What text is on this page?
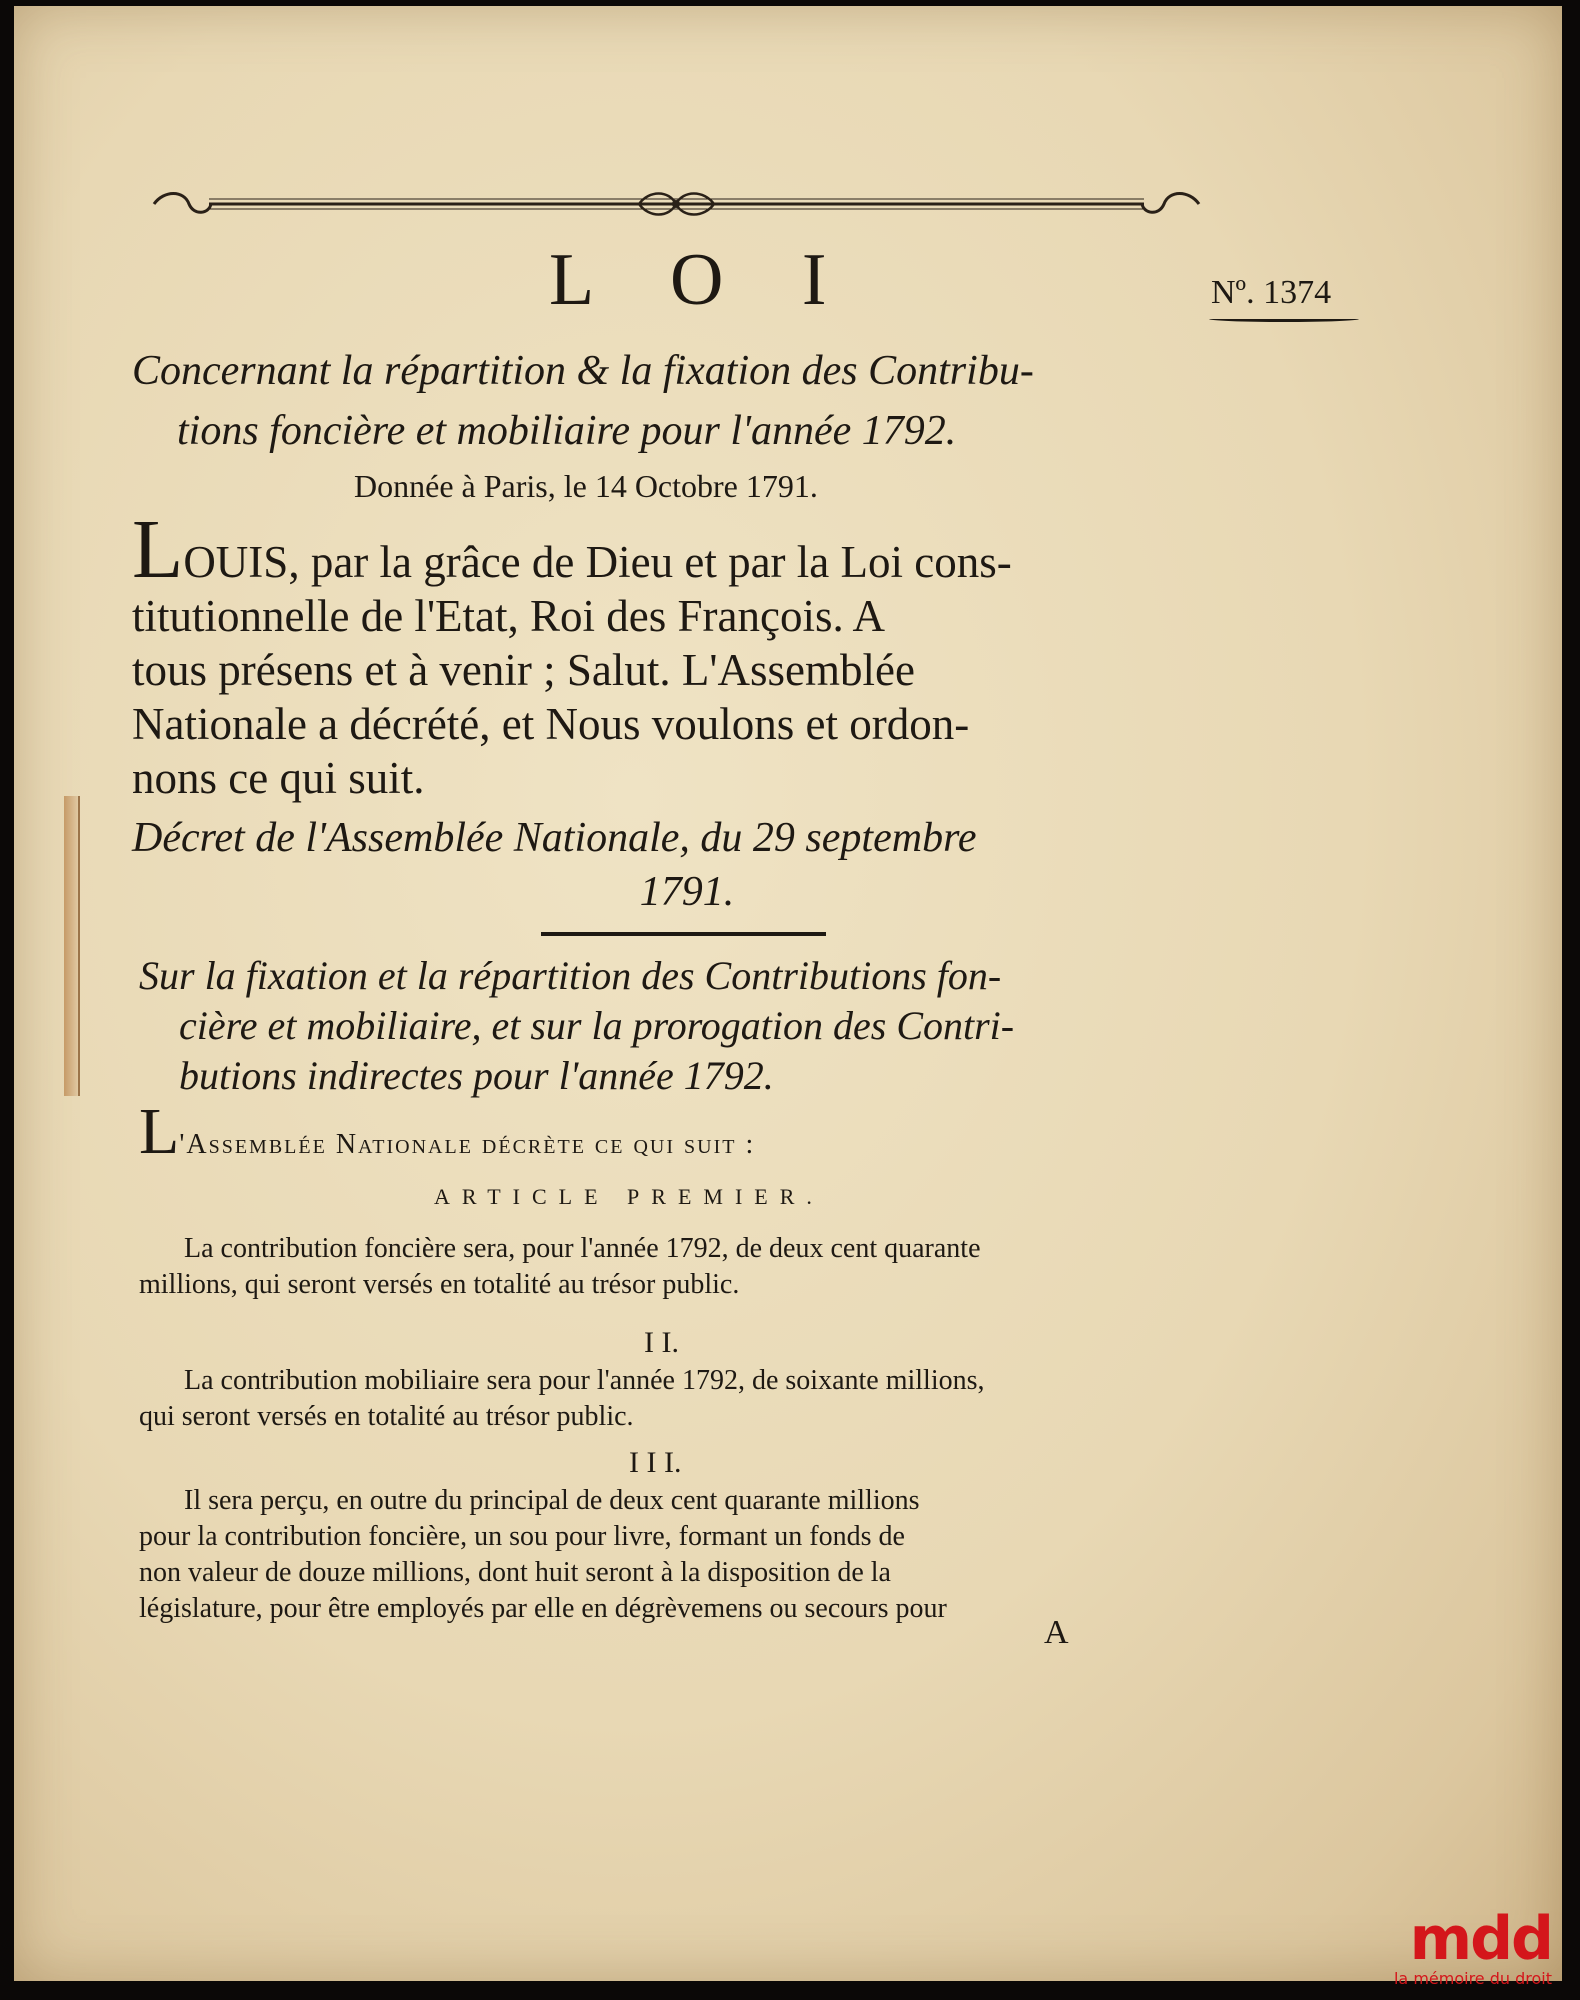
L O I	Nº. 1374
Concernant la répartition & la fixation des Contribu-
tions foncière et mobiliaire pour l'année 1792.
Donnée à Paris, le 14 Octobre 1791.
LOUIS, par la grâce de Dieu et par la Loi cons-
titutionnelle de l'Etat, Roi des François. A
tous présens et à venir ; Salut. L'Assemblée
Nationale a décrété, et Nous voulons et ordon-
nons ce qui suit.
Décret de l'Assemblée Nationale, du 29 septembre
1791.
Sur la fixation et la répartition des Contributions fon-
cière et mobiliaire, et sur la prorogation des Contri-
butions indirectes pour l'année 1792.
L'Assemblée Nationale décrète ce qui suit :
ARTICLE PREMIER.
La contribution foncière sera, pour l'année 1792, de deux cent quarante
millions, qui seront versés en totalité au trésor public.
I I.
La contribution mobiliaire sera pour l'année 1792, de soixante millions,
qui seront versés en totalité au trésor public.
I I I.
Il sera perçu, en outre du principal de deux cent quarante millions
pour la contribution foncière, un sou pour livre, formant un fonds de
non valeur de douze millions, dont huit seront à la disposition de la
législature, pour être employés par elle en dégrèvemens ou secours pour
A
mdd
la mémoire du droit
